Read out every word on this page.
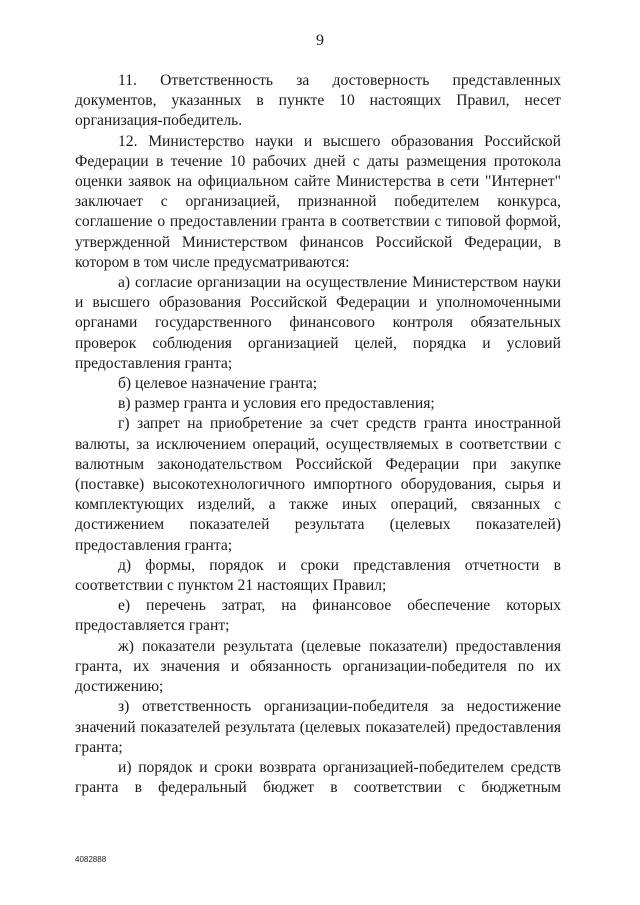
9

11. Ответственность за достоверность представленных документов, указанных в пункте 10 настоящих Правил, несет организация-победитель.

12. Министерство науки и высшего образования Российской Федерации в течение 10 рабочих дней с даты размещения протокола оценки заявок на официальном сайте Министерства в сети "Интернет" заключает с организацией, признанной победителем конкурса, соглашение о предоставлении гранта в соответствии с типовой формой, утвержденной Министерством финансов Российской Федерации, в котором в том числе предусматриваются:

а) согласие организации на осуществление Министерством науки и высшего образования Российской Федерации и уполномоченными органами государственного финансового контроля обязательных проверок соблюдения организацией целей, порядка и условий предоставления гранта;

б) целевое назначение гранта;

в) размер гранта и условия его предоставления;

г) запрет на приобретение за счет средств гранта иностранной валюты, за исключением операций, осуществляемых в соответствии с валютным законодательством Российской Федерации при закупке (поставке) высокотехнологичного импортного оборудования, сырья и комплектующих изделий, а также иных операций, связанных с достижением показателей результата (целевых показателей) предоставления гранта;

д) формы, порядок и сроки представления отчетности в соответствии с пунктом 21 настоящих Правил;

е) перечень затрат, на финансовое обеспечение которых предоставляется грант;

ж) показатели результата (целевые показатели) предоставления гранта, их значения и обязанность организации-победителя по их достижению;

з) ответственность организации-победителя за недостижение значений показателей результата (целевых показателей) предоставления гранта;

и) порядок и сроки возврата организацией-победителем средств гранта в федеральный бюджет в соответствии с бюджетным

4082888
